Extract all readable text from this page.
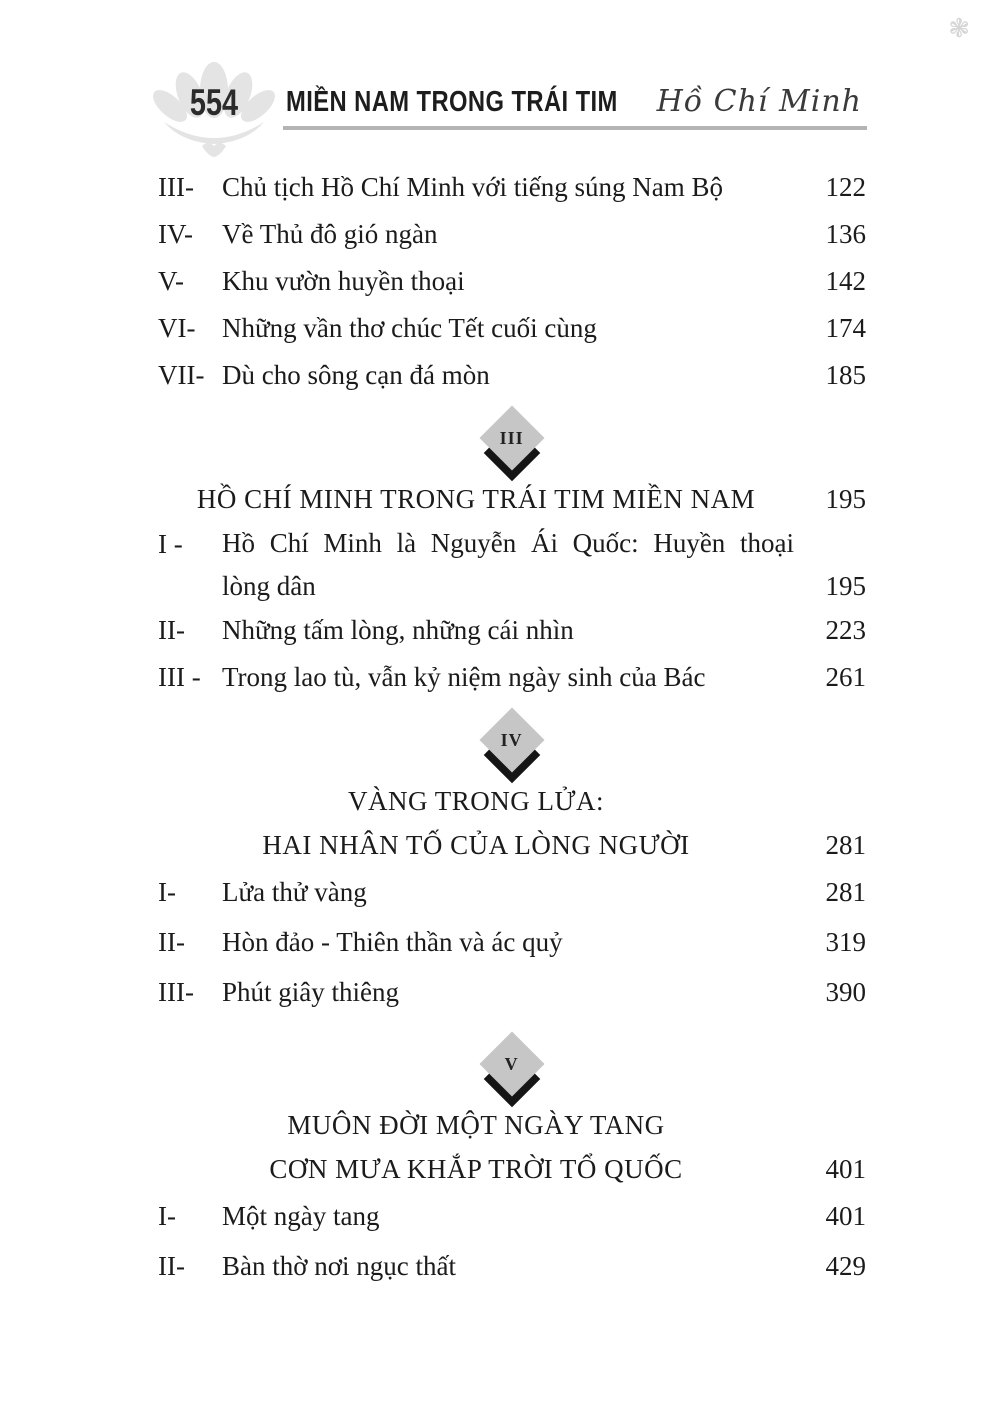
❃
554	MIỀN NAM TRONG TRÁI TIM Hồ Chí Minh
III-	Chủ tịch Hồ Chí Minh với tiếng súng Nam Bộ	122
IV-	Về Thủ đô gió ngàn	136
V-	Khu vườn huyền thoại	142
VI- Những vần thơ chúc Tết cuối cùng	174
VII- Dù cho sông cạn đá mòn	185
III
HỒ CHÍ MINH TRONG TRÁI TIM MIỀN NAM	195
I -	Hồ Chí Minh là Nguyễn Ái Quốc: Huyền thoại
lòng dân	195
II-	Những tấm lòng, những cái nhìn	223
III - Trong lao tù, vẫn kỷ niệm ngày sinh của Bác	261
IV
VÀNG TRONG LỬA:
HAI NHÂN TỐ CỦA LÒNG NGƯỜI	281
I-	Lửa thử vàng	281
II-	Hòn đảo - Thiên thần và ác quỷ	319
III-	Phút giây thiêng	390
V
MUÔN ĐỜI MỘT NGÀY TANG
CƠN MƯA KHẮP TRỜI TỔ QUỐC	401
I-	Một ngày tang	401
II-	Bàn thờ nơi ngục thất	429
